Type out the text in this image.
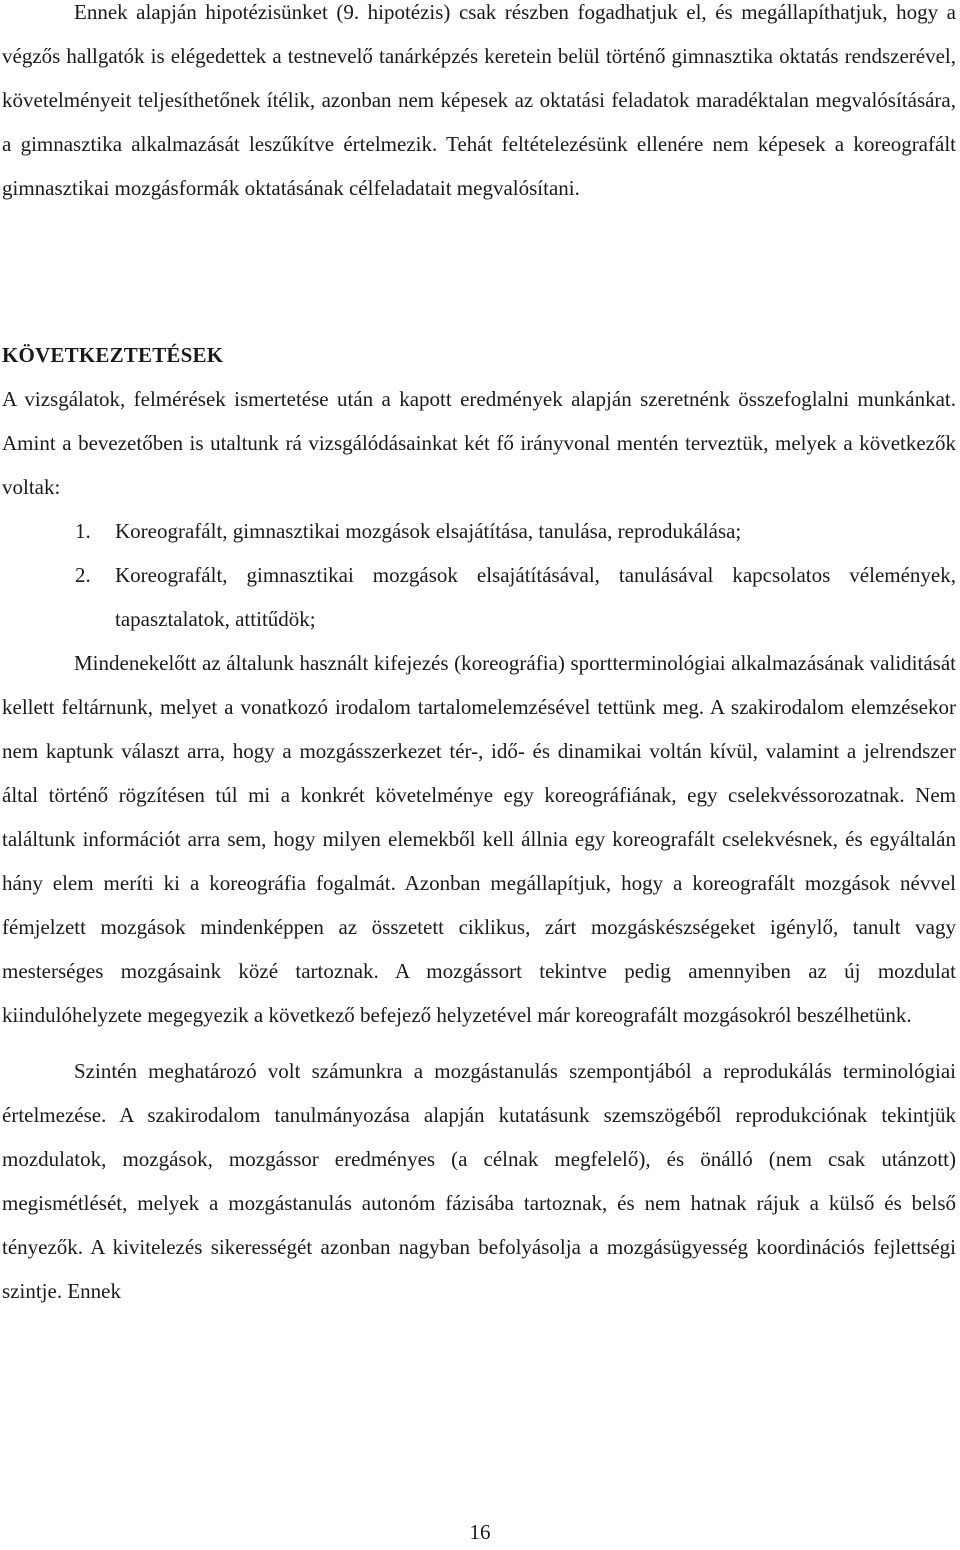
Ennek alapján hipotézisünket (9. hipotézis) csak részben fogadhatjuk el, és megállapíthatjuk, hogy a végzős hallgatók is elégedettek a testnevelő tanárképzés keretein belül történő gimnasztika oktatás rendszerével, követelményeit teljesíthetőnek ítélik, azonban nem képesek az oktatási feladatok maradéktalan megvalósítására, a gimnasztika alkalmazását leszűkítve értelmezik. Tehát feltételezésünk ellenére nem képesek a koreografált gimnasztikai mozgásformák oktatásának célfeladatait megvalósítani.

KÖVETKEZTETÉSEK

A vizsgálatok, felmérések ismertetése után a kapott eredmények alapján szeretnénk összefoglalni munkánkat. Amint a bevezetőben is utaltunk rá vizsgálódásainkat két fő irányvonal mentén terveztük, melyek a következők voltak:

1.	Koreografált, gimnasztikai mozgások elsajátítása, tanulása, reprodukálása;
2.	Koreografált, gimnasztikai mozgások elsajátításával, tanulásával kapcsolatos vélemények, tapasztalatok, attitűdök;

Mindenekelőtt az általunk használt kifejezés (koreográfia) sportterminológiai alkalmazásának validitását kellett feltárnunk, melyet a vonatkozó irodalom tartalomelemzésével tettünk meg. A szakirodalom elemzésekor nem kaptunk választ arra, hogy a mozgásszerkezet tér-, idő- és dinamikai voltán kívül, valamint a jelrendszer által történő rögzítésen túl mi a konkrét követelménye egy koreográfiának, egy cselekvéssorozatnak. Nem találtunk információt arra sem, hogy milyen elemekből kell állnia egy koreografált cselekvésnek, és egyáltalán hány elem meríti ki a koreográfia fogalmát. Azonban megállapítjuk, hogy a koreografált mozgások névvel fémjelzett mozgások mindenképpen az összetett ciklikus, zárt mozgáskészségeket igénylő, tanult vagy mesterséges mozgásaink közé tartoznak. A mozgássort tekintve pedig amennyiben az új mozdulat kiindulóhelyzete megegyezik a következő befejező helyzetével már koreografált mozgásokról beszélhetünk.

Szintén meghatározó volt számunkra a mozgástanulás szempontjából a reprodukálás terminológiai értelmezése. A szakirodalom tanulmányozása alapján kutatásunk szemszögéből reprodukciónak tekintjük mozdulatok, mozgások, mozgássor eredményes (a célnak megfelelő), és önálló (nem csak utánzott) megismétlését, melyek a mozgástanulás autonóm fázisába tartoznak, és nem hatnak rájuk a külső és belső tényezők. A kivitelezés sikerességét azonban nagyban befolyásolja a mozgásügyesség koordinációs fejlettségi szintje. Ennek

16
